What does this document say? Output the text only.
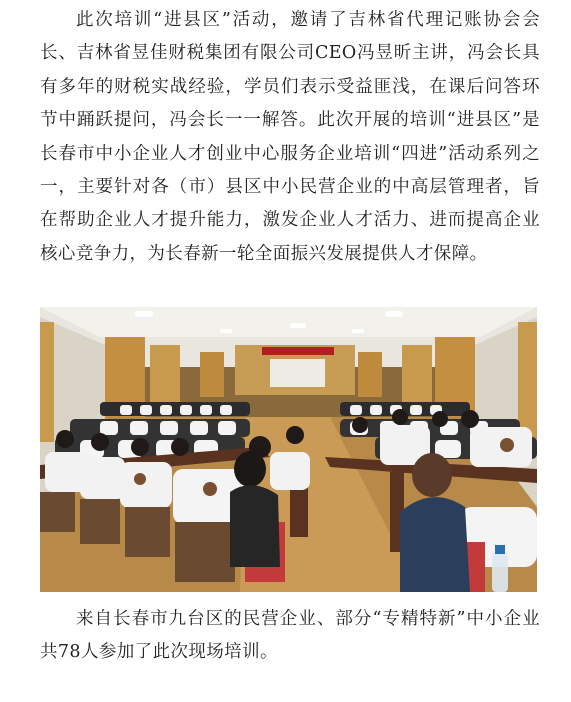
此次培训“进县区”活动，邀请了吉林省代理记账协会会长、吉林省昱佳财税集团有限公司CEO冯昱昕主讲，冯会长具有多年的财税实战经验，学员们表示受益匪浅，在课后问答环节中踊跃提问，冯会长一一解答。此次开展的培训“进县区”是长春市中小企业人才创业中心服务企业培训“四进”活动系列之一，主要针对各（市）县区中小民营企业的中高层管理者，旨在帮助企业人才提升能力，激发企业人才活力、进而提高企业核心竞争力，为长春新一轮全面振兴发展提供人才保障。

来自长春市九台区的民营企业、部分“专精特新”中小企业共78人参加了此次现场培训。
